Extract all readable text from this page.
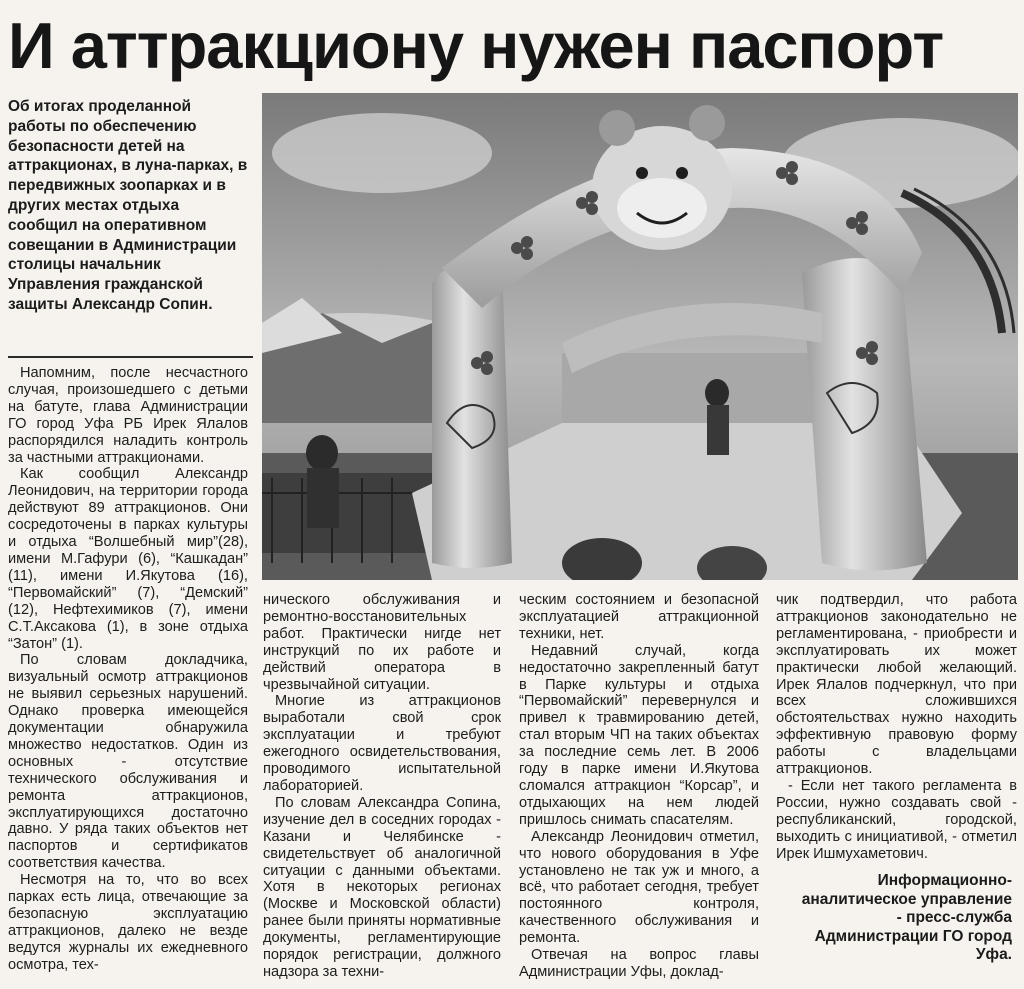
И аттракциону нужен паспорт

Об итогах проделанной работы по обеспечению безопасности детей на аттракционах, в луна-парках, в передвижных зоопарках и в других местах отдыха сообщил на оперативном совещании в Администрации столицы начальник Управления гражданской защиты Александр Сопин.

Напомним, после несчастного случая, произошедшего с детьми на батуте, глава Администрации ГО город Уфа РБ Ирек Ялалов распорядился наладить контроль за частными аттракционами.

Как сообщил Александр Леонидович, на территории города действуют 89 аттракционов. Они сосредоточены в парках культуры и отдыха “Волшебный мир”(28), имени М.Гафури (6), “Кашкадан” (11), имени И.Якутова (16), “Первомайский” (7), “Демский” (12), Нефтехимиков (7), имени С.Т.Аксакова (1), в зоне отдыха “Затон” (1).

По словам докладчика, визуальный осмотр аттракционов не выявил серьезных нарушений. Однако проверка имеющейся документации обнаружила множество недостатков. Один из основных - отсутствие технического обслуживания и ремонта аттракционов, эксплуатирующихся достаточно давно. У ряда таких объектов нет паспортов и сертификатов соответствия качества.

Несмотря на то, что во всех парках есть лица, отвечающие за безопасную эксплуатацию аттракционов, далеко не везде ведутся журналы их ежедневного осмотра, тех-

нического обслуживания и ремонтно-восстановительных работ. Практически нигде нет инструкций по их работе и действий оператора в чрезвычайной ситуации.

Многие из аттракционов выработали свой срок эксплуатации и требуют ежегодного освидетельствования, проводимого испытательной лабораторией.

По словам Александра Сопина, изучение дел в соседних городах - Казани и Челябинске - свидетельствует об аналогичной ситуации с данными объектами. Хотя в некоторых регионах (Москве и Московской области) ранее были приняты нормативные документы, регламентирующие порядок регистрации, должного надзора за техни-

ческим состоянием и безопасной эксплуатацией аттракционной техники, нет.

Недавний случай, когда недостаточно закрепленный батут в Парке культуры и отдыха “Первомайский” перевернулся и привел к травмированию детей, стал вторым ЧП на таких объектах за последние семь лет. В 2006 году в парке имени И.Якутова сломался аттракцион “Корсар”, и отдыхающих на нем людей пришлось снимать спасателям.

Александр Леонидович отметил, что нового оборудования в Уфе установлено не так уж и много, а всё, что работает сегодня, требует постоянного контроля, качественного обслуживания и ремонта.

Отвечая на вопрос главы Администрации Уфы, доклад-

чик подтвердил, что работа аттракционов законодательно не регламентирована, - приобрести и эксплуатировать их может практически любой желающий. Ирек Ялалов подчеркнул, что при всех сложившихся обстоятельствах нужно находить эффективную правовую форму работы с владельцами аттракционов.

- Если нет такого регламента в России, нужно создавать свой - республиканский, городской, выходить с инициативой, - отметил Ирек Ишмухаметович.

Информационно-аналитическое управление - пресс-служба Администрации ГО город Уфа.
